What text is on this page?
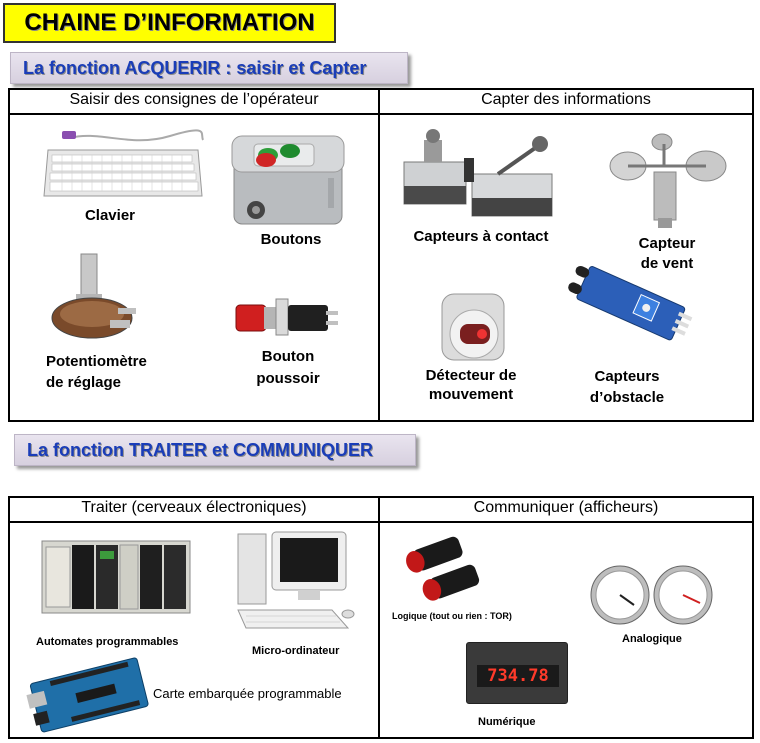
CHAINE D’INFORMATION
La fonction ACQUERIR : saisir et Capter
Saisir des consignes de l’opérateur	Capter des informations
Clavier
Boutons
Potentiomètre
de réglage
Bouton
poussoir
Capteurs à contact	Capteur
de vent
Détecteur de
mouvement
Capteurs
d’obstacle
La fonction TRAITER et COMMUNIQUER
Traiter (cerveaux électroniques)	Communiquer (afficheurs)
Automates programmables
Micro-ordinateur
Carte embarquée programmable
Logique (tout ou rien : TOR)
Analogique
734.78
Numérique
